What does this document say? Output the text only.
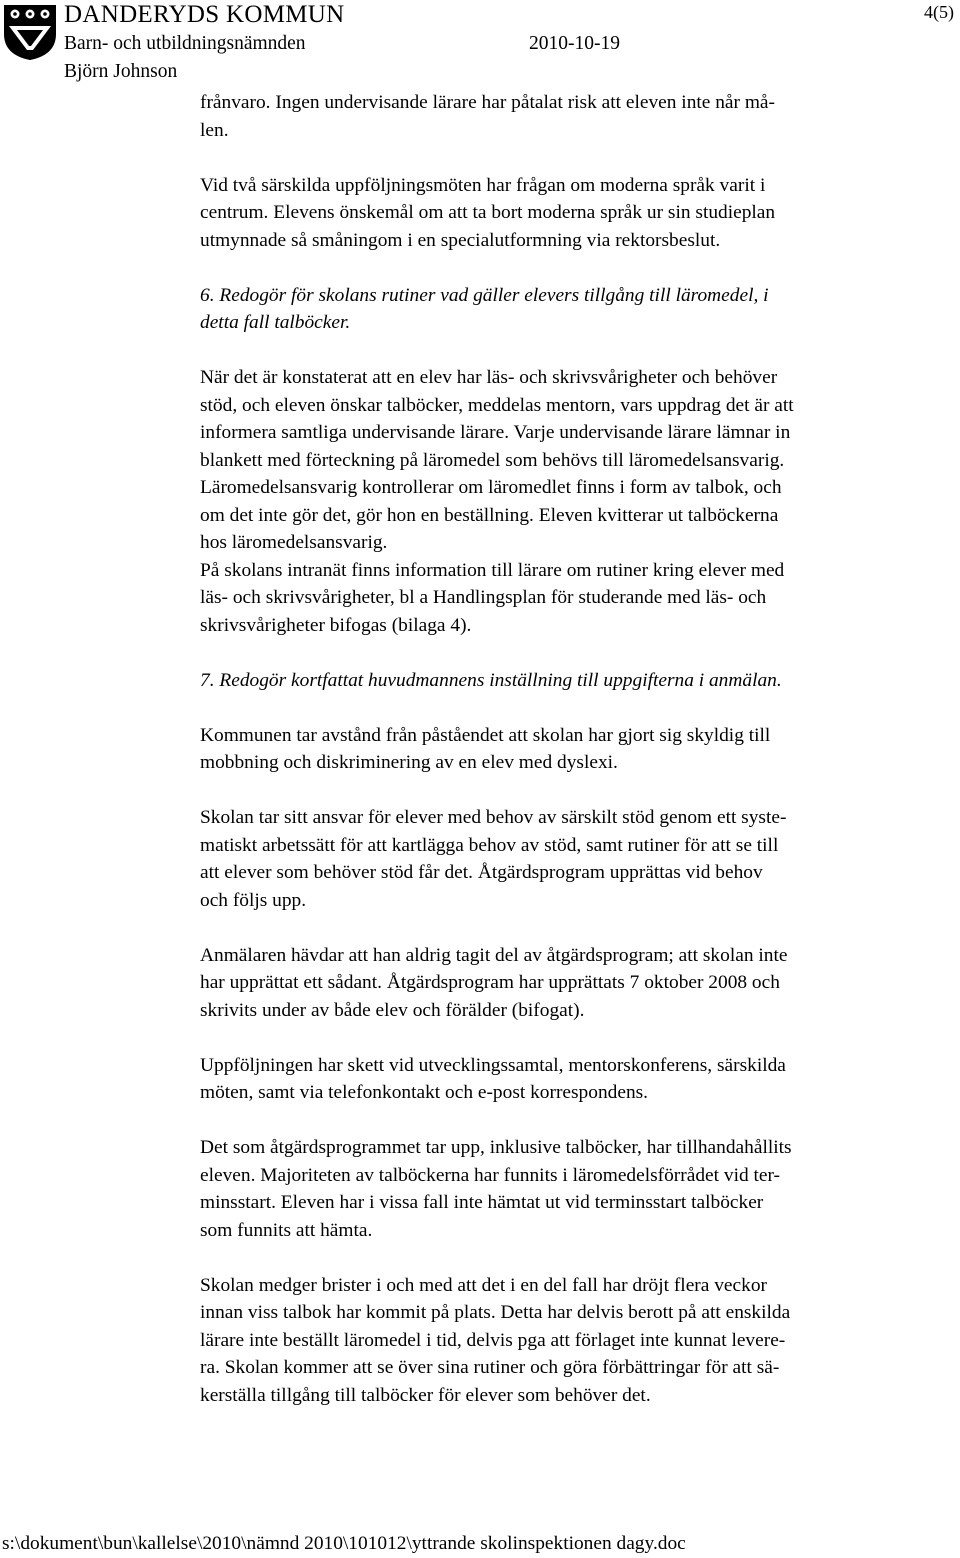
DANDERYDS KOMMUN
Barn- och utbildningsnämnden	2010-10-19
Björn Johnson
4(5)

frånvaro. Ingen undervisande lärare har påtalat risk att eleven inte når må-
len.

Vid två särskilda uppföljningsmöten har frågan om moderna språk varit i
centrum. Elevens önskemål om att ta bort moderna språk ur sin studieplan
utmynnade så småningom i en specialutformning via rektorsbeslut.

6. Redogör för skolans rutiner vad gäller elevers tillgång till läromedel, i
detta fall talböcker.

När det är konstaterat att en elev har läs- och skrivsvårigheter och behöver
stöd, och eleven önskar talböcker, meddelas mentorn, vars uppdrag det är att
informera samtliga undervisande lärare. Varje undervisande lärare lämnar in
blankett med förteckning på läromedel som behövs till läromedelsansvarig.
Läromedelsansvarig kontrollerar om läromedlet finns i form av talbok, och
om det inte gör det, gör hon en beställning. Eleven kvitterar ut talböckerna
hos läromedelsansvarig.

På skolans intranät finns information till lärare om rutiner kring elever med
läs- och skrivsvårigheter, bl a Handlingsplan för studerande med läs- och
skrivsvårigheter bifogas (bilaga 4).

7. Redogör kortfattat huvudmannens inställning till uppgifterna i anmälan.

Kommunen tar avstånd från påståendet att skolan har gjort sig skyldig till
mobbning och diskriminering av en elev med dyslexi.

Skolan tar sitt ansvar för elever med behov av särskilt stöd genom ett syste-
matiskt arbetssätt för att kartlägga behov av stöd, samt rutiner för att se till
att elever som behöver stöd får det. Åtgärdsprogram upprättas vid behov
och följs upp.

Anmälaren hävdar att han aldrig tagit del av åtgärdsprogram; att skolan inte
har upprättat ett sådant. Åtgärdsprogram har upprättats 7 oktober 2008 och
skrivits under av både elev och förälder (bifogat).

Uppföljningen har skett vid utvecklingssamtal, mentorskonferens, särskilda
möten, samt via telefonkontakt och e-post korrespondens.

Det som åtgärdsprogrammet tar upp, inklusive talböcker, har tillhandahållits
eleven. Majoriteten av talböckerna har funnits i läromedelsförrådet vid ter-
minsstart. Eleven har i vissa fall inte hämtat ut vid terminsstart talböcker
som funnits att hämta.

Skolan medger brister i och med att det i en del fall har dröjt flera veckor
innan viss talbok har kommit på plats. Detta har delvis berott på att enskilda
lärare inte beställt läromedel i tid, delvis pga att förlaget inte kunnat levere-
ra. Skolan kommer att se över sina rutiner och göra förbättringar för att sä-
kerställa tillgång till talböcker för elever som behöver det.

s:\dokument\bun\kallelse\2010\nämnd 2010\101012\yttrande skolinspektionen dagy.doc
